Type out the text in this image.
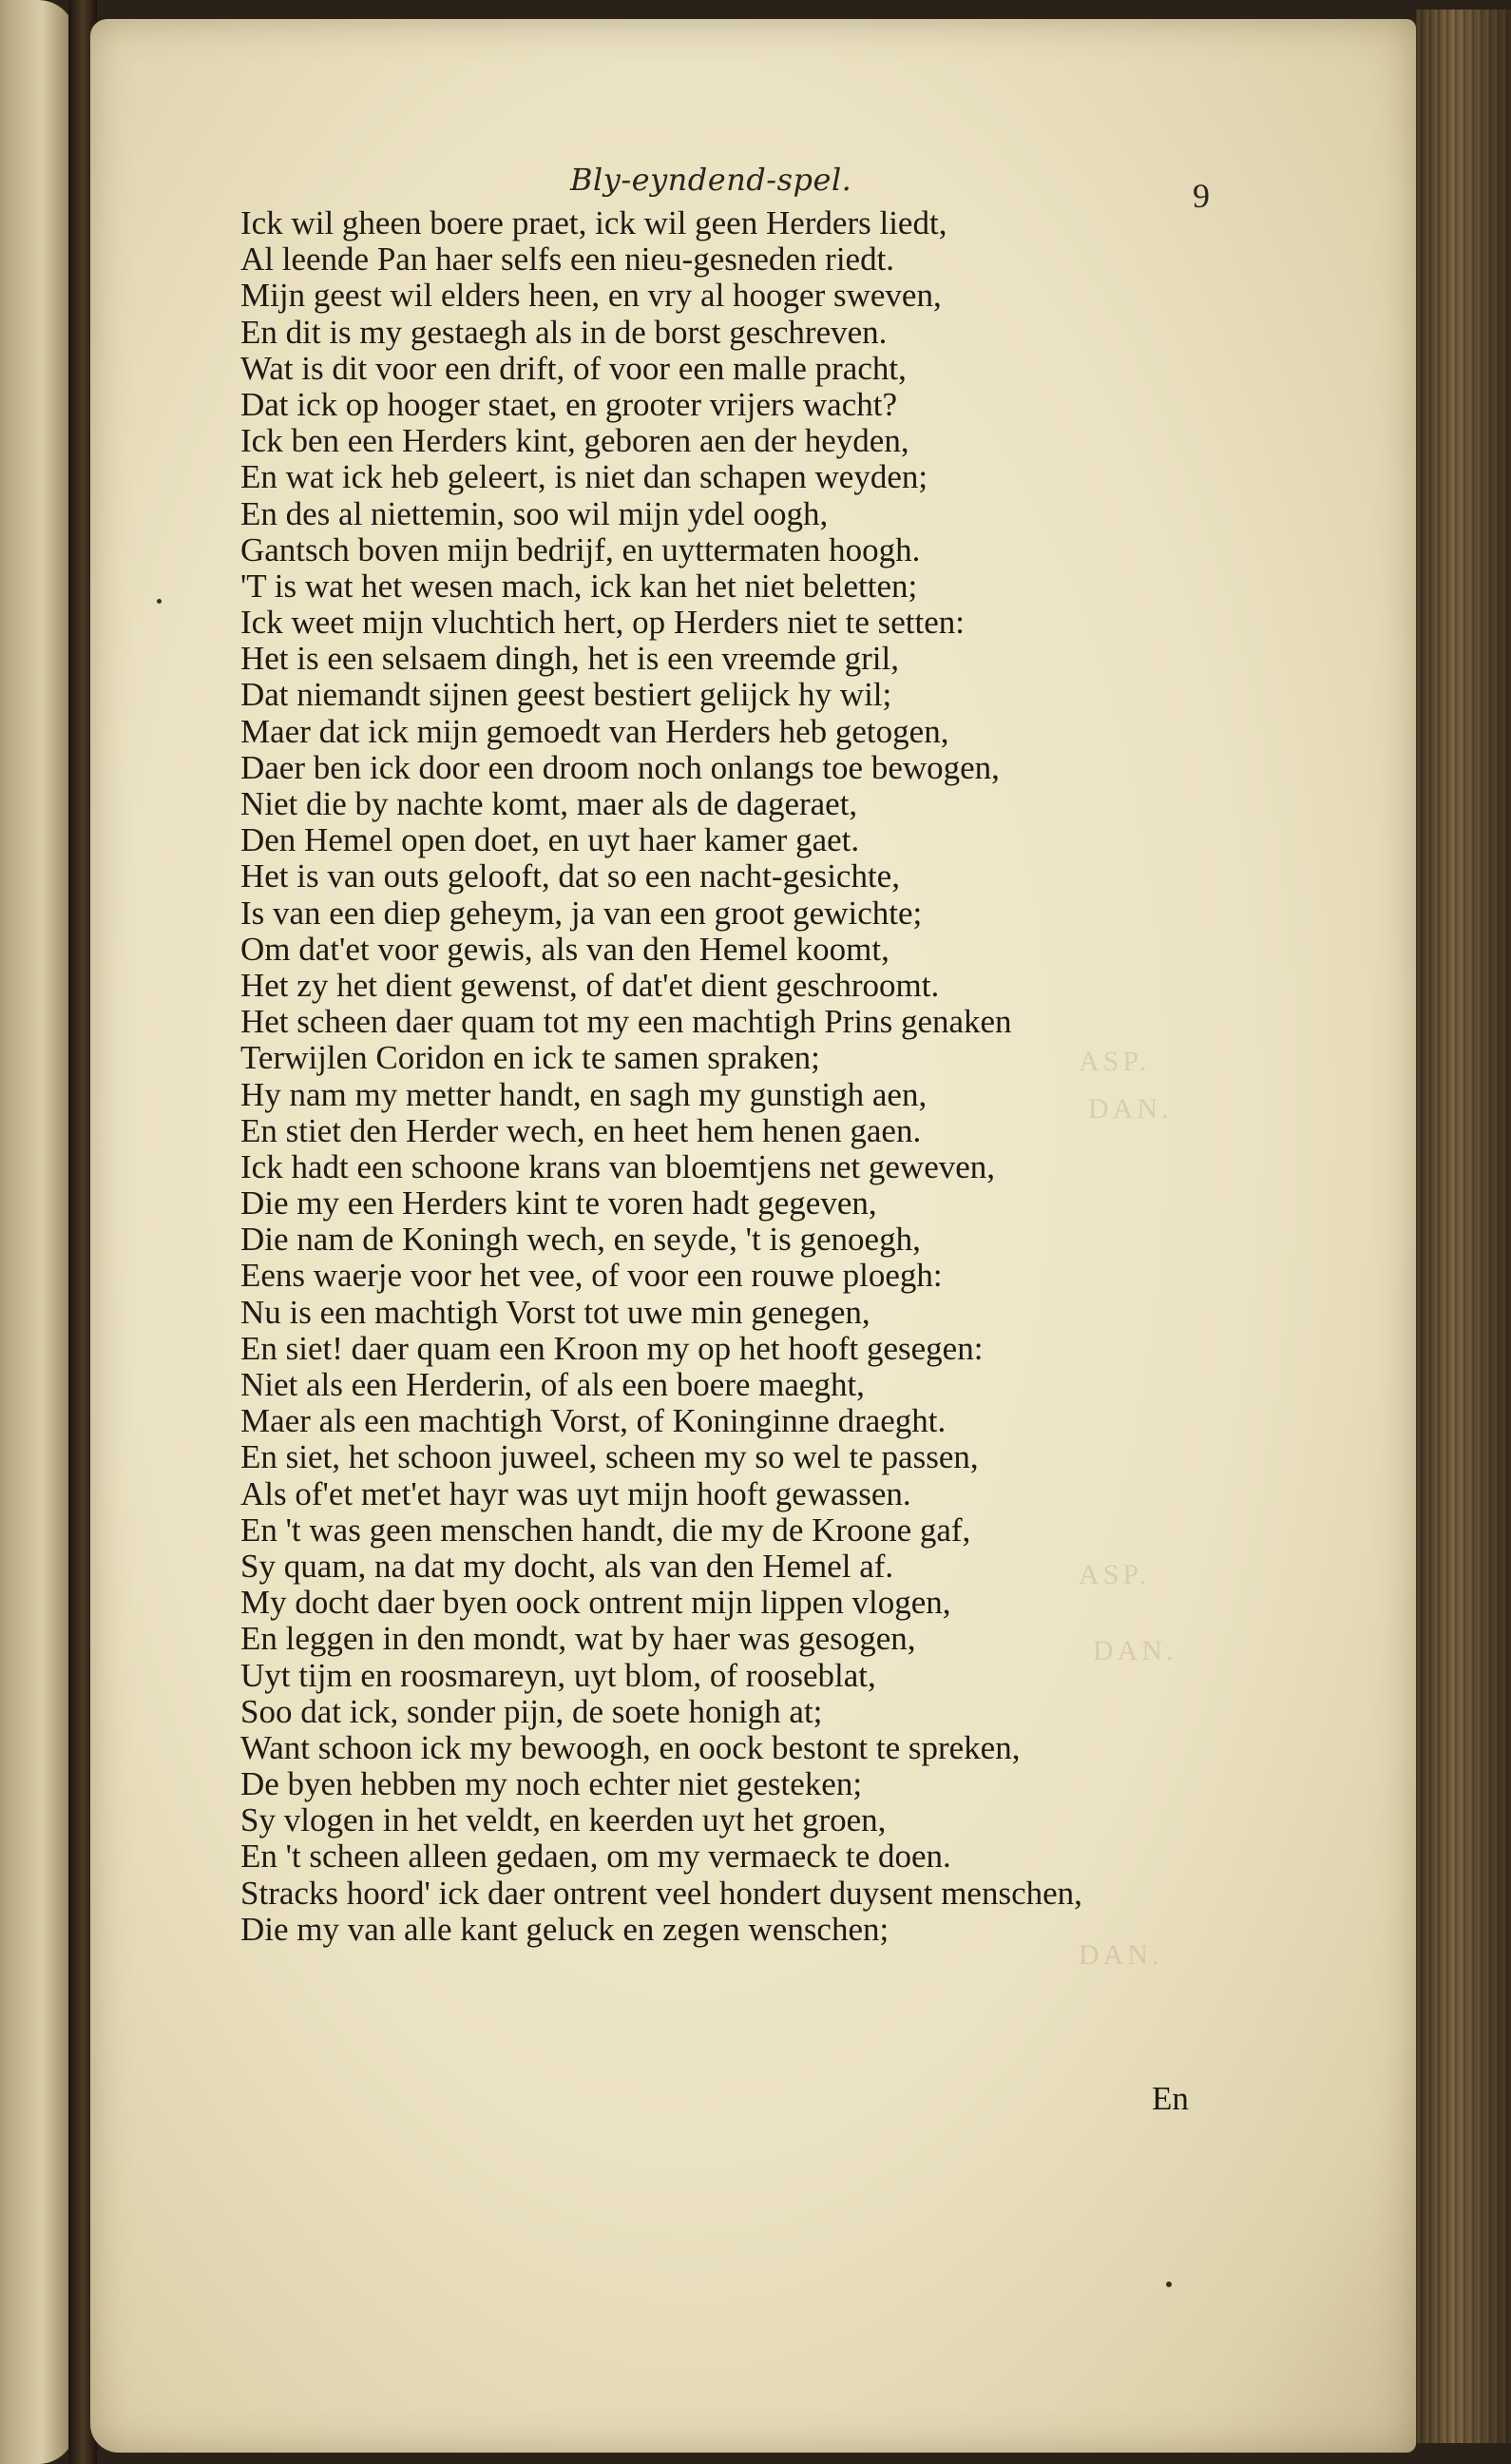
ASP.
DAN.
ASP.
DAN.
DAN.
Bly-eyndend-spel.	9
Ick wil gheen boere praet, ick wil geen Herders liedt,
Al leende Pan haer selfs een nieu-gesneden riedt.
Mijn geest wil elders heen, en vry al hooger sweven,
En dit is my gestaegh als in de borst geschreven.
Wat is dit voor een drift, of voor een malle pracht,
Dat ick op hooger staet, en grooter vrijers wacht?
Ick ben een Herders kint, geboren aen der heyden,
En wat ick heb geleert, is niet dan schapen weyden;
En des al niettemin, soo wil mijn ydel oogh,
Gantsch boven mijn bedrijf, en uyttermaten hoogh.
'T is wat het wesen mach, ick kan het niet beletten;
Ick weet mijn vluchtich hert, op Herders niet te setten:
Het is een selsaem dingh, het is een vreemde gril,
Dat niemandt sijnen geest bestiert gelijck hy wil;
Maer dat ick mijn gemoedt van Herders heb getogen,
Daer ben ick door een droom noch onlangs toe bewogen,
Niet die by nachte komt, maer als de dageraet,
Den Hemel open doet, en uyt haer kamer gaet.
Het is van outs gelooft, dat so een nacht-gesichte,
Is van een diep geheym, ja van een groot gewichte;
Om dat'et voor gewis, als van den Hemel koomt,
Het zy het dient gewenst, of dat'et dient geschroomt.
Het scheen daer quam tot my een machtigh Prins genaken
Terwijlen Coridon en ick te samen spraken;
Hy nam my metter handt, en sagh my gunstigh aen,
En stiet den Herder wech, en heet hem henen gaen.
Ick hadt een schoone krans van bloemtjens net geweven,
Die my een Herders kint te voren hadt gegeven,
Die nam de Koningh wech, en seyde, 't is genoegh,
Eens waerje voor het vee, of voor een rouwe ploegh:
Nu is een machtigh Vorst tot uwe min genegen,
En siet! daer quam een Kroon my op het hooft gesegen:
Niet als een Herderin, of als een boere maeght,
Maer als een machtigh Vorst, of Koninginne draeght.
En siet, het schoon juweel, scheen my so wel te passen,
Als of'et met'et hayr was uyt mijn hooft gewassen.
En 't was geen menschen handt, die my de Kroone gaf,
Sy quam, na dat my docht, als van den Hemel af.
My docht daer byen oock ontrent mijn lippen vlogen,
En leggen in den mondt, wat by haer was gesogen,
Uyt tijm en roosmareyn, uyt blom, of rooseblat,
Soo dat ick, sonder pijn, de soete honigh at;
Want schoon ick my bewoogh, en oock bestont te spreken,
De byen hebben my noch echter niet gesteken;
Sy vlogen in het veldt, en keerden uyt het groen,
En 't scheen alleen gedaen, om my vermaeck te doen.
Stracks hoord' ick daer ontrent veel hondert duysent menschen,
Die my van alle kant geluck en zegen wenschen;
En
